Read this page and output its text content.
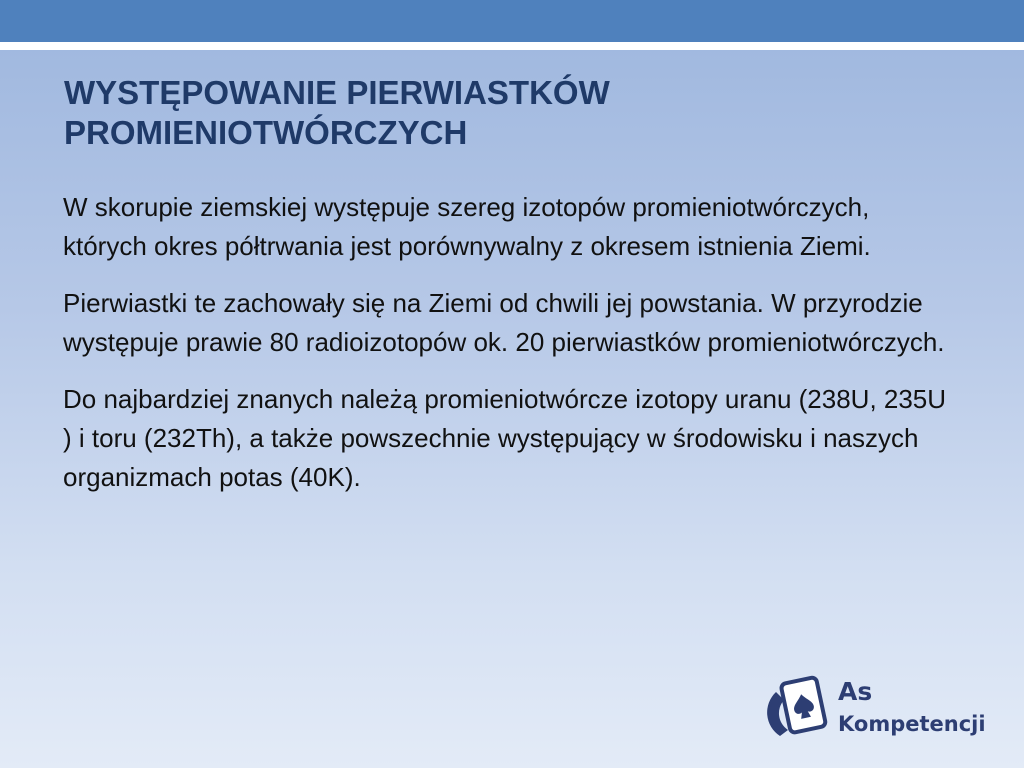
WYSTĘPOWANIE PIERWIASTKÓW
PROMIENIOTWÓRCZYCH

W skorupie ziemskiej występuje szereg izotopów promieniotwórczych, których okres półtrwania jest porównywalny z okresem istnienia Ziemi.

Pierwiastki te zachowały się na Ziemi od chwili jej powstania. W przyrodzie występuje prawie 80 radioizotopów ok. 20 pierwiastków promieniotwórczych.

Do najbardziej znanych należą promieniotwórcze izotopy uranu (238U, 235U ) i toru (232Th), a także powszechnie występujący w środowisku i naszych organizmach potas (40K).

As
Kompetencji
